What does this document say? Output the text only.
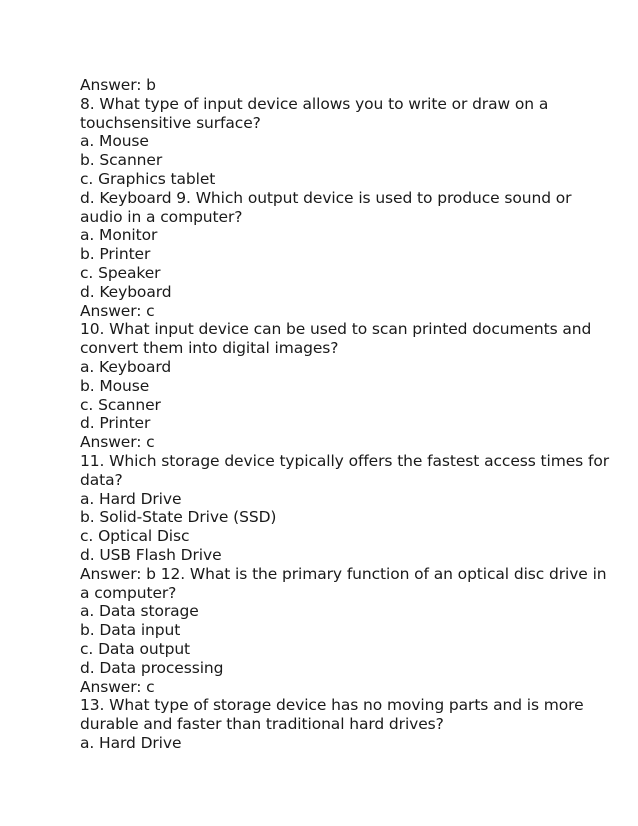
Answer: b
8. What type of input device allows you to write or draw on a
touchsensitive surface?
a. Mouse
b. Scanner
c. Graphics tablet
d. Keyboard 9. Which output device is used to produce sound or
audio in a computer?
a. Monitor
b. Printer
c. Speaker
d. Keyboard
Answer: c
10. What input device can be used to scan printed documents and
convert them into digital images?
a. Keyboard
b. Mouse
c. Scanner
d. Printer
Answer: c
11. Which storage device typically offers the fastest access times for
data?
a. Hard Drive
b. Solid-State Drive (SSD)
c. Optical Disc
d. USB Flash Drive
Answer: b 12. What is the primary function of an optical disc drive in
a computer?
a. Data storage
b. Data input
c. Data output
d. Data processing
Answer: c
13. What type of storage device has no moving parts and is more
durable and faster than traditional hard drives?
a. Hard Drive
